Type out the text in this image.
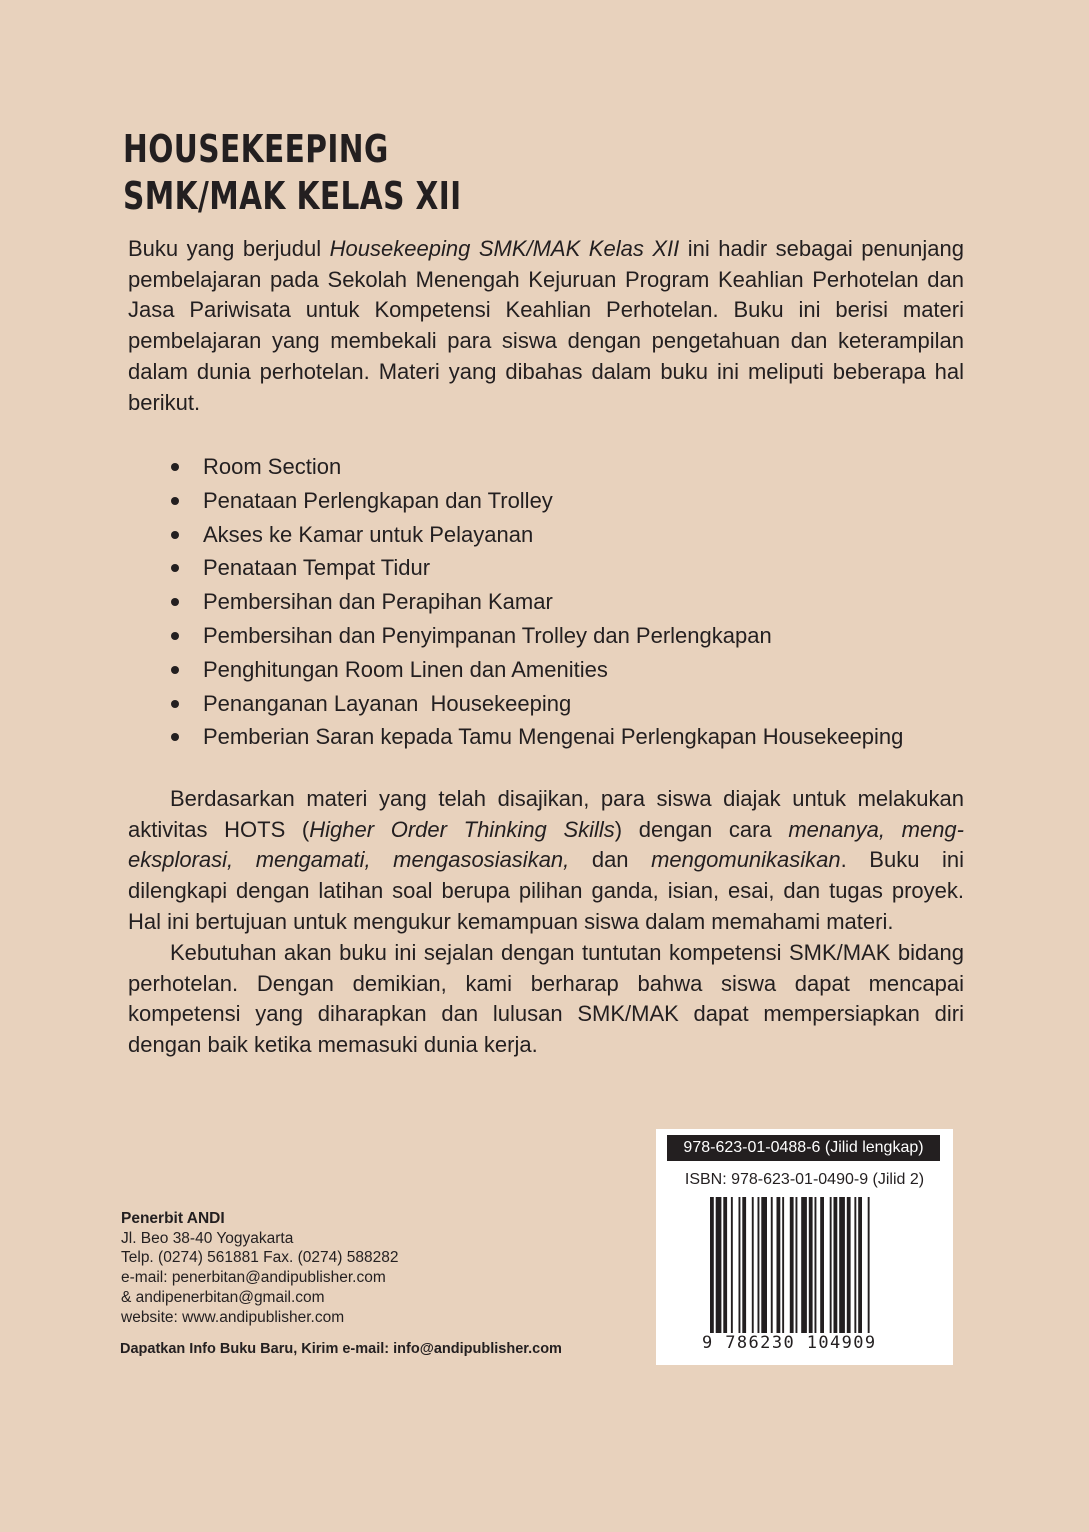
HOUSEKEEPING
SMK/MAK KELAS XII

Buku yang berjudul Housekeeping SMK/MAK Kelas XII ini hadir sebagai penunjang pembelajaran pada Sekolah Menengah Kejuruan Program Keahlian Perhotelan dan Jasa Pariwisata untuk Kompetensi Keahlian Perhotelan. Buku ini berisi materi pembelajaran yang membekali para siswa dengan pengetahuan dan keterampilan dalam dunia perhotelan. Materi yang dibahas dalam buku ini meliputi beberapa hal berikut.

Room Section
Penataan Perlengkapan dan Trolley
Akses ke Kamar untuk Pelayanan
Penataan Tempat Tidur
Pembersihan dan Perapihan Kamar
Pembersihan dan Penyimpanan Trolley dan Perlengkapan
Penghitungan Room Linen dan Amenities
Penanganan Layanan  Housekeeping
Pemberian Saran kepada Tamu Mengenai Perlengkapan Housekeeping

Berdasarkan materi yang telah disajikan, para siswa diajak untuk melakukan aktivitas HOTS (Higher Order Thinking Skills) dengan cara menanya, meng-eksplorasi, mengamati, mengasosiasikan, dan mengomunikasikan. Buku ini dilengkapi dengan latihan soal berupa pilihan ganda, isian, esai, dan tugas proyek. Hal ini bertujuan untuk mengukur kemampuan siswa dalam memahami materi.

Kebutuhan akan buku ini sejalan dengan tuntutan kompetensi SMK/MAK bidang perhotelan. Dengan demikian, kami berharap bahwa siswa dapat mencapai kompetensi yang diharapkan dan lulusan SMK/MAK dapat mempersiapkan diri dengan baik ketika memasuki dunia kerja.

Penerbit ANDI
Jl. Beo 38-40 Yogyakarta
Telp. (0274) 561881 Fax. (0274) 588282
e-mail: penerbitan@andipublisher.com
& andipenerbitan@gmail.com
website: www.andipublisher.com
Dapatkan Info Buku Baru, Kirim e-mail: info@andipublisher.com
978-623-01-0488-6 (Jilid lengkap)
ISBN: 978-623-01-0490-9 (Jilid 2)
9 786230 104909
